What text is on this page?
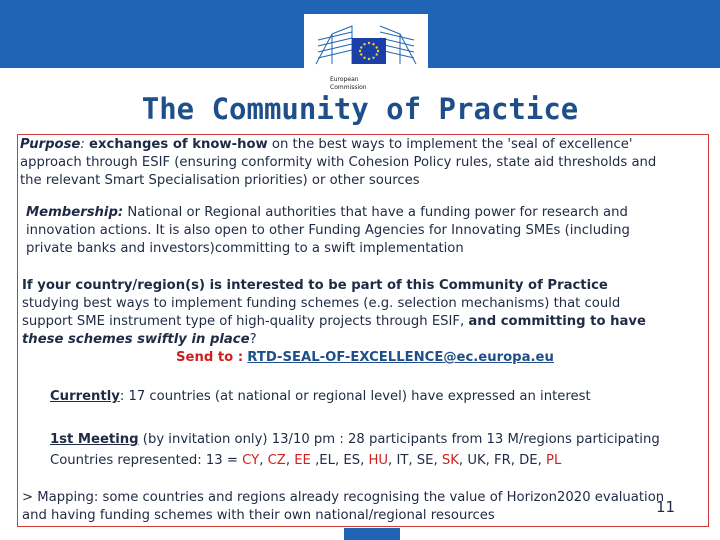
European
Commission
The Community of Practice
Purpose: exchanges of know-how on the best ways to implement the 'seal of excellence'
approach through ESIF (ensuring conformity with Cohesion Policy rules, state aid thresholds and
the relevant Smart Specialisation priorities) or other sources
Membership: National or Regional authorities that have a funding power for research and
innovation actions. It is also open to other Funding Agencies for Innovating SMEs (including
private banks and investors)committing to a swift implementation
If your country/region(s) is interested to be part of this Community of Practice
studying best ways to implement funding schemes (e.g. selection mechanisms) that could
support SME instrument type of high-quality projects through ESIF, and committing to have
these schemes swiftly in place?
Send to : RTD-SEAL-OF-EXCELLENCE@ec.europa.eu
Currently: 17 countries (at national or regional level) have expressed an interest
1st Meeting (by invitation only) 13/10 pm : 28 participants from 13 M/regions participating
Countries represented: 13 = CY, CZ, EE ,EL, ES, HU, IT, SE, SK, UK, FR, DE, PL
> Mapping: some countries and regions already recognising the value of Horizon2020 evaluation
and having funding schemes with their own national/regional resources	11
